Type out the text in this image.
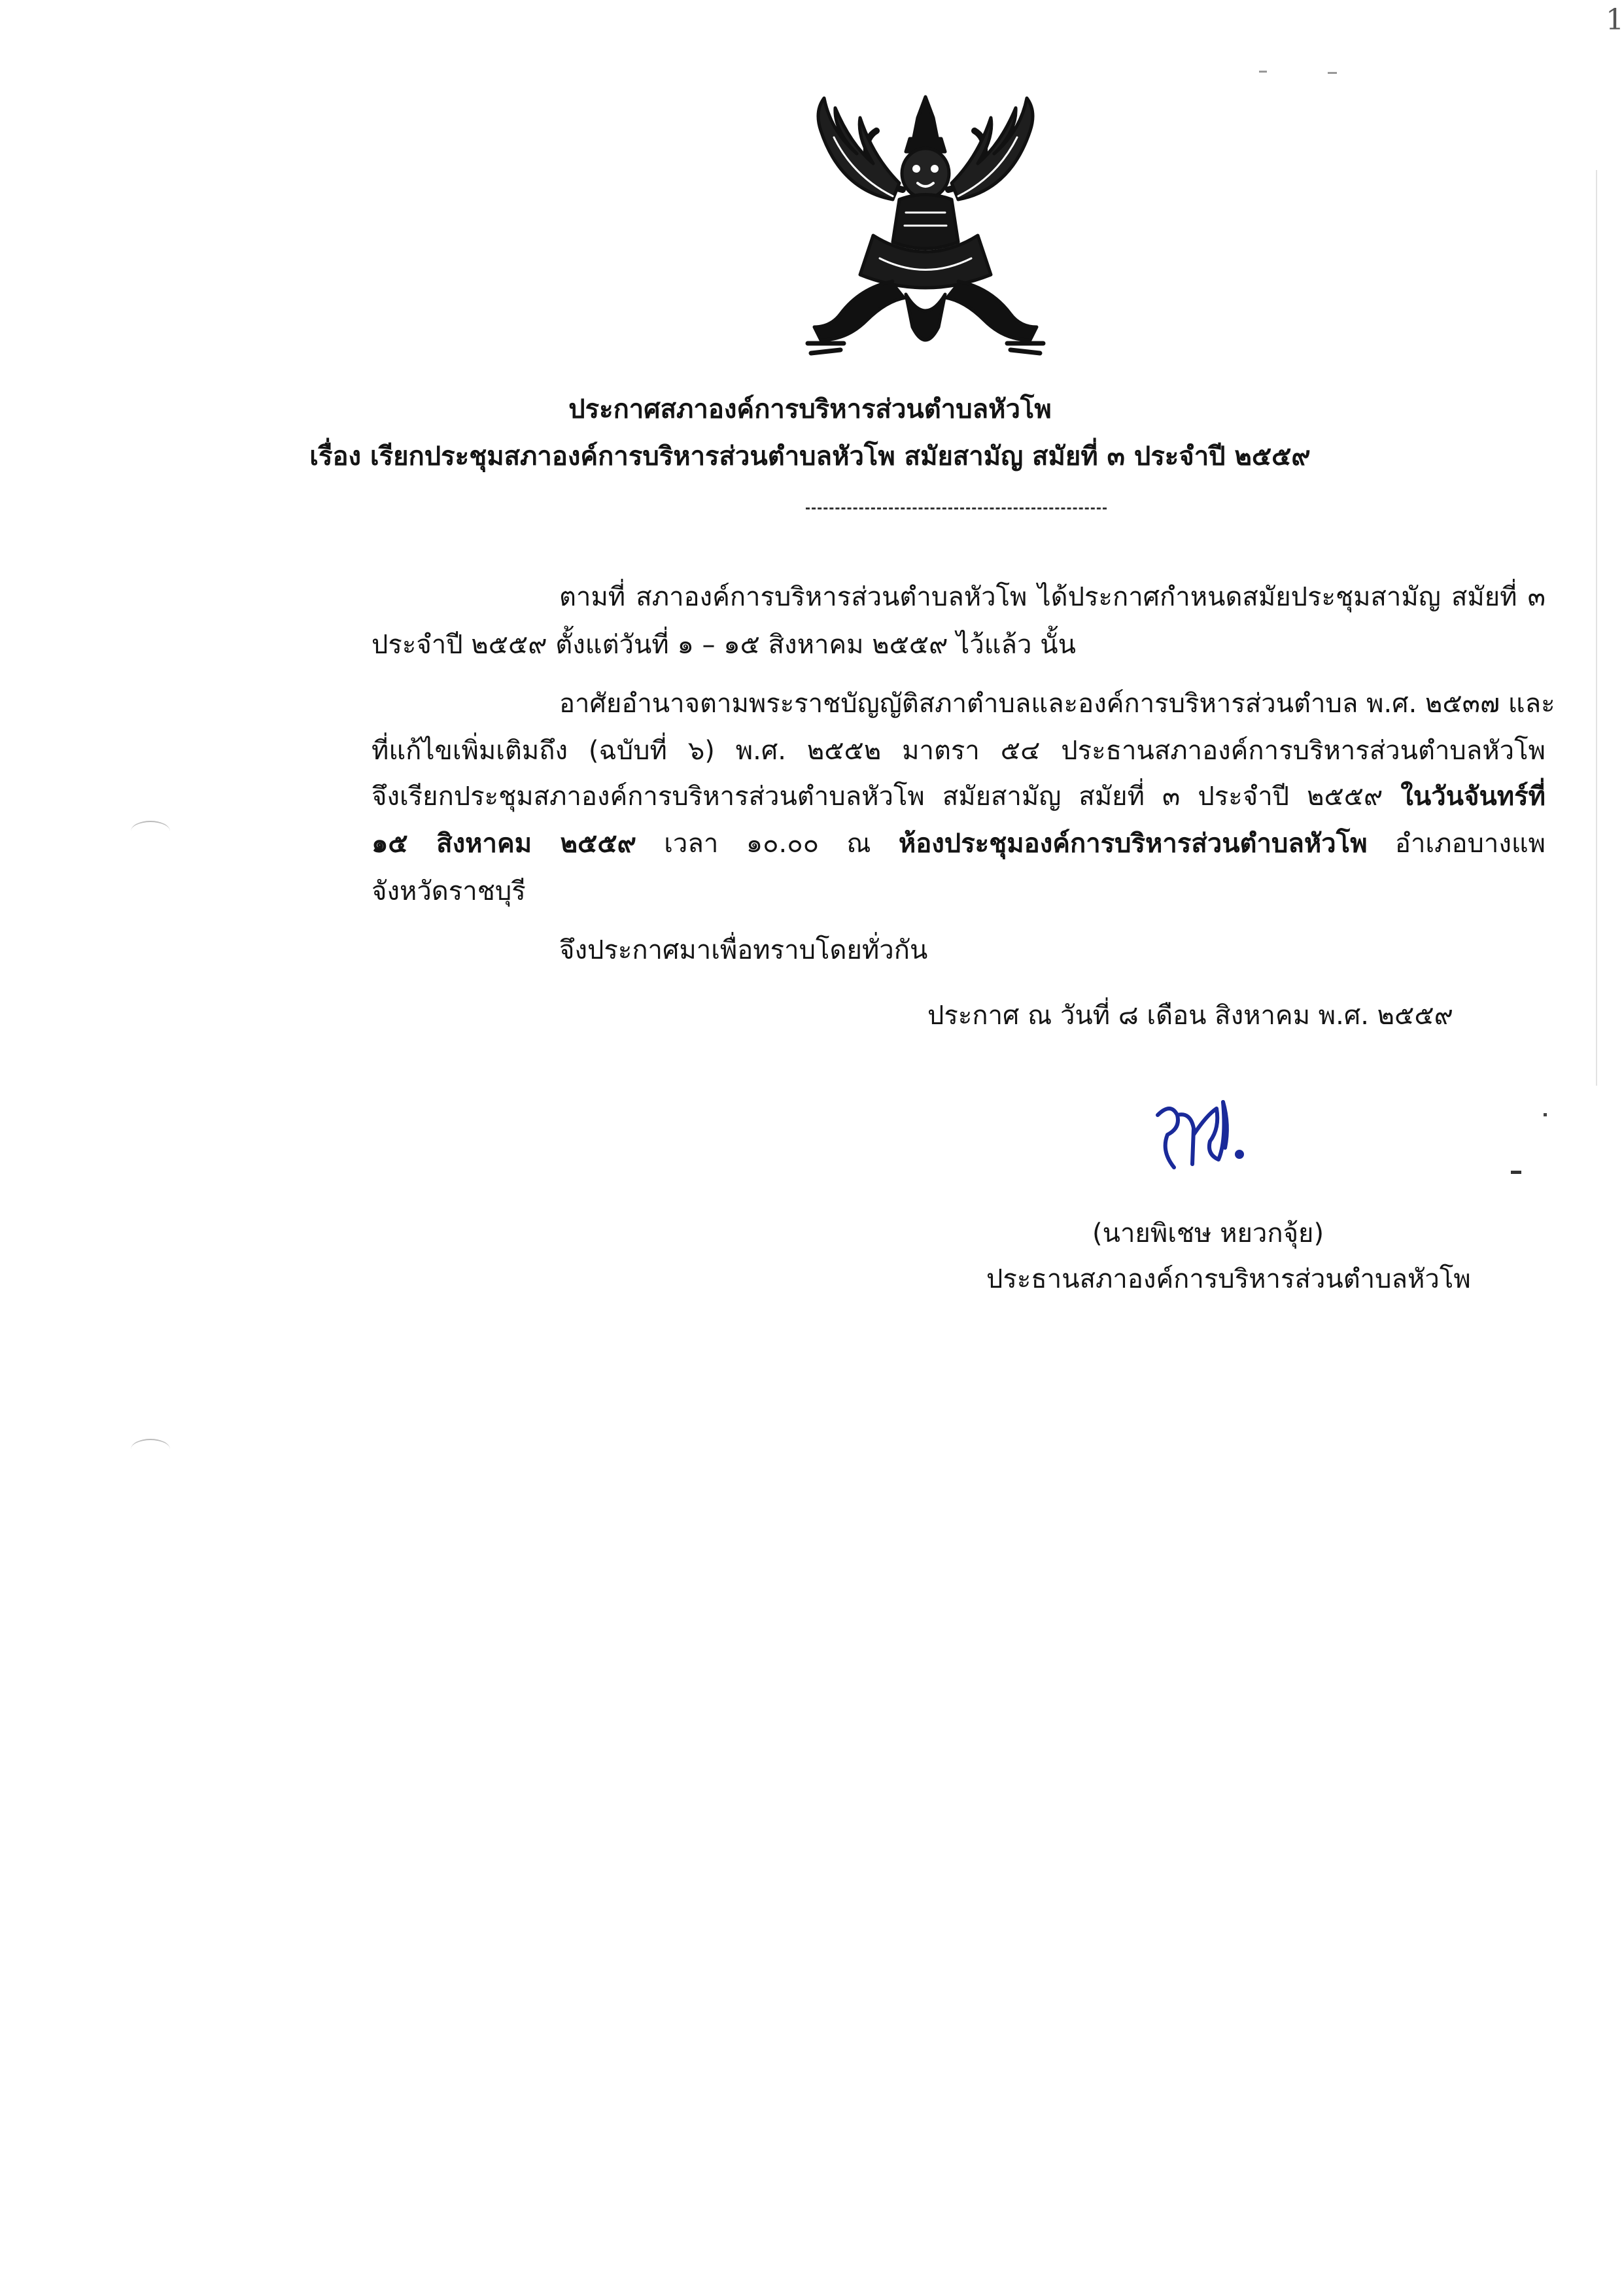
ประกาศสภาองค์การบริหารส่วนตำบลหัวโพ
เรื่อง เรียกประชุมสภาองค์การบริหารส่วนตำบลหัวโพ สมัยสามัญ สมัยที่ ๓ ประจำปี ๒๕๕๙
ตามที่ สภาองค์การบริหารส่วนตำบลหัวโพ ได้ประกาศกำหนดสมัยประชุมสามัญ สมัยที่ ๓
ประจำปี ๒๕๕๙ ตั้งแต่วันที่ ๑ – ๑๕ สิงหาคม ๒๕๕๙ ไว้แล้ว นั้น
อาศัยอำนาจตามพระราชบัญญัติสภาตำบลและองค์การบริหารส่วนตำบล พ.ศ. ๒๕๓๗ และ
ที่แก้ไขเพิ่มเติมถึง (ฉบับที่ ๖) พ.ศ. ๒๕๕๒ มาตรา ๕๔ ประธานสภาองค์การบริหารส่วนตำบลหัวโพ
จึงเรียกประชุมสภาองค์การบริหารส่วนตำบลหัวโพ สมัยสามัญ สมัยที่ ๓ ประจำปี ๒๕๕๙ ในวันจันทร์ที่
๑๕ สิงหาคม ๒๕๕๙ เวลา ๑๐.๐๐ ณ ห้องประชุมองค์การบริหารส่วนตำบลหัวโพ อำเภอบางแพ
จังหวัดราชบุรี
จึงประกาศมาเพื่อทราบโดยทั่วกัน
ประกาศ ณ วันที่ ๘ เดือน สิงหาคม พ.ศ. ๒๕๕๙
(นายพิเชษ หยวกจุ้ย)
ประธานสภาองค์การบริหารส่วนตำบลหัวโพ
1
